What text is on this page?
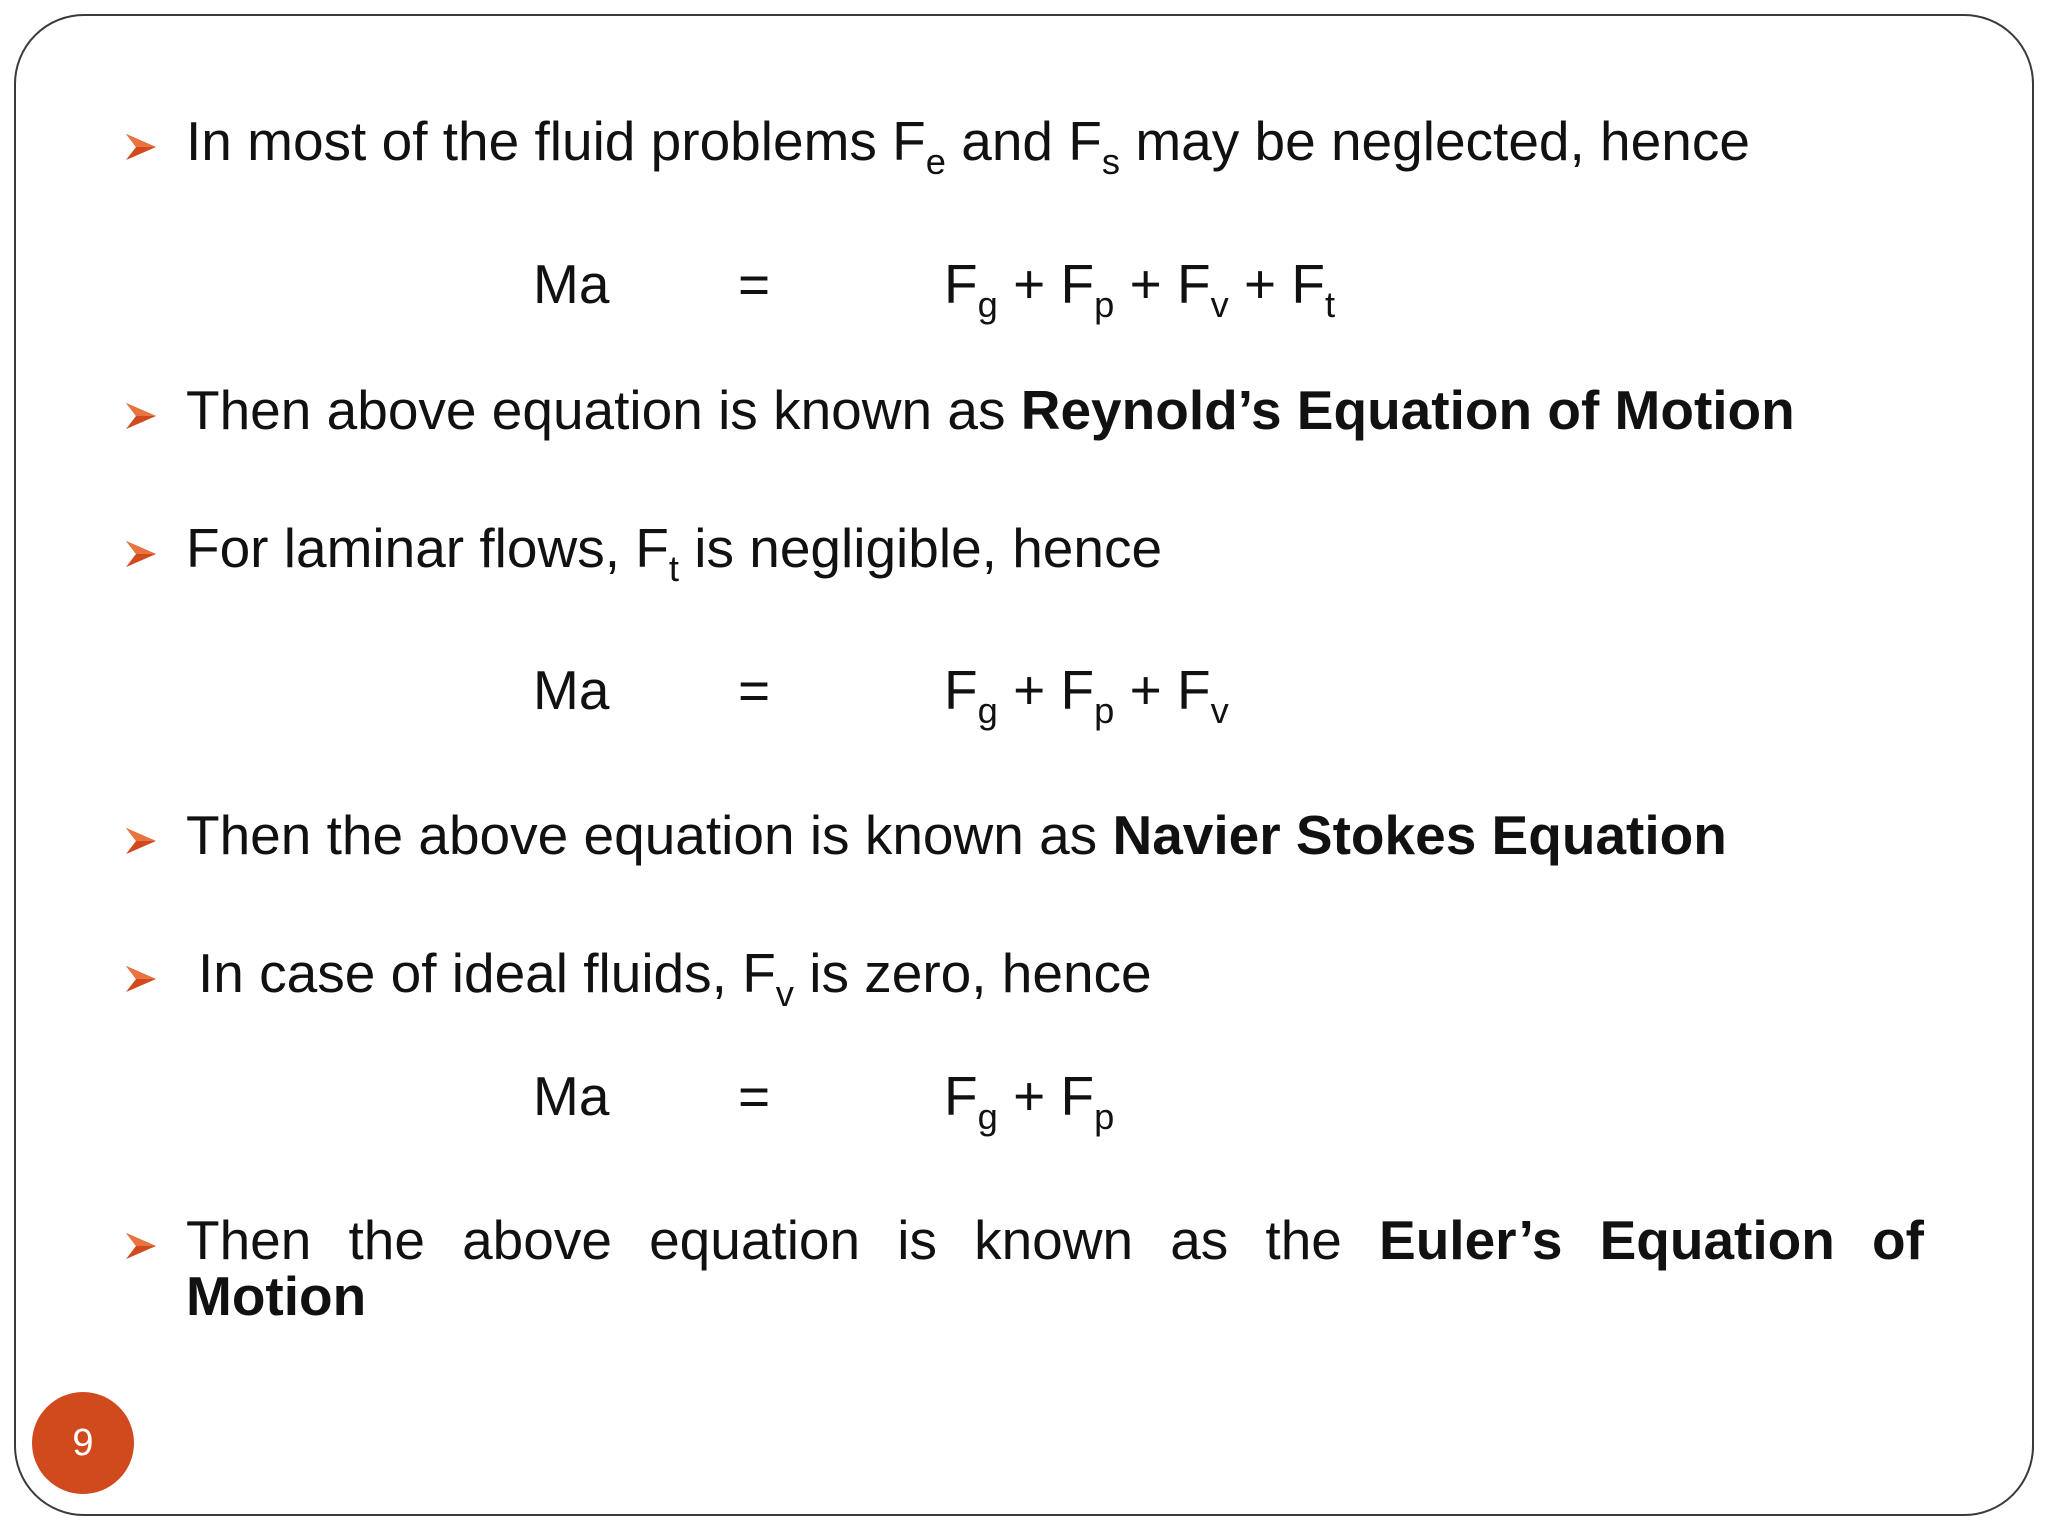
In most of the fluid problems $F_e$ and $F_s$ may be neglected, hence
Ma =	$F_g + F_p + F_v + F_t$
Then above equation is known as Reynold’s Equation of Motion
For laminar flows, $F_t$ is negligible, hence
Ma =	$F_g + F_p + F_v$
Then the above equation is known as Navier Stokes Equation
In case of ideal fluids, $F_v$ is zero, hence
Ma =	$F_g + F_p$
Then the above equation is known as the Euler’s Equation of
Motion
9
